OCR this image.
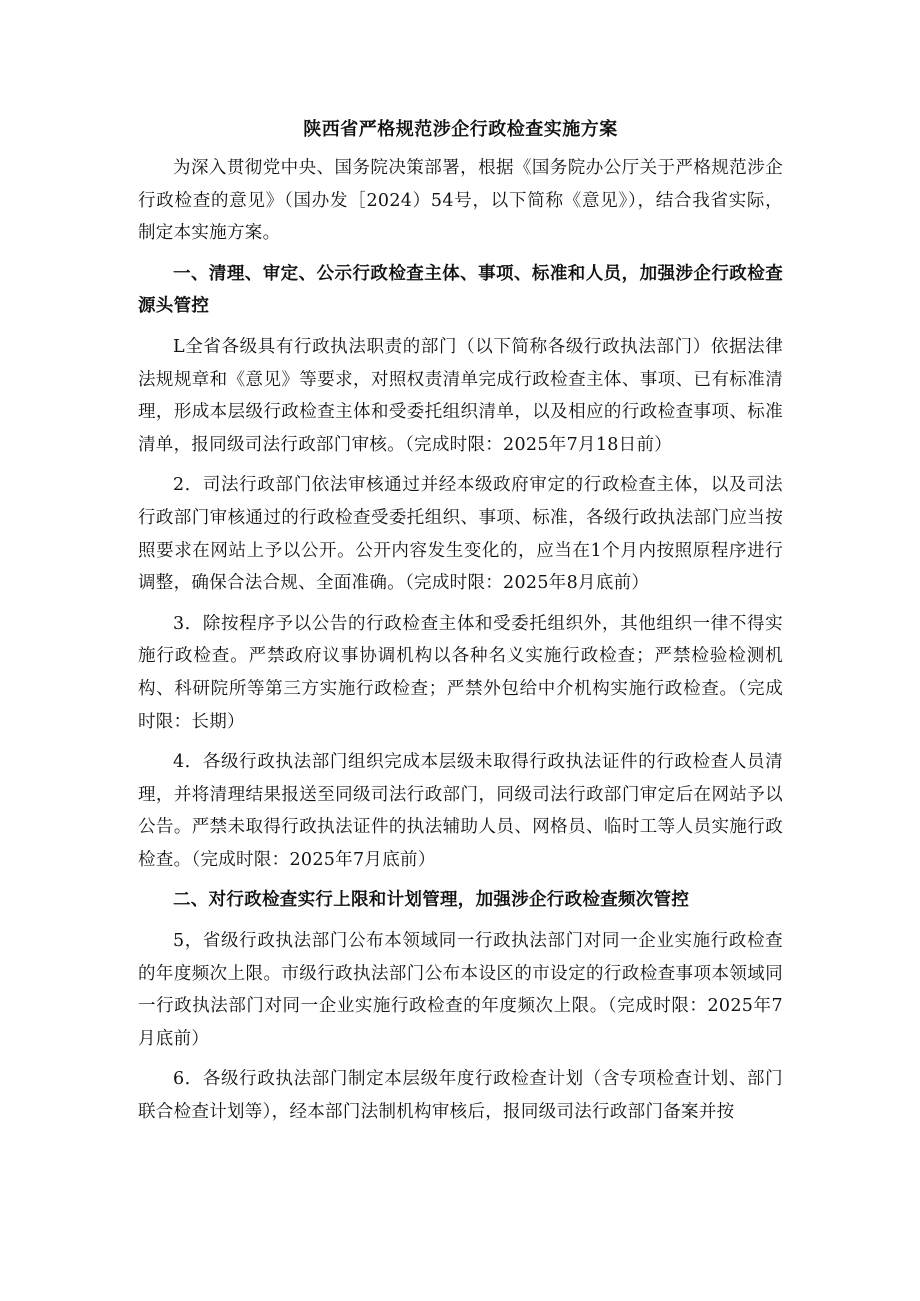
陕西省严格规范涉企行政检查实施方案

为深入贯彻党中央、国务院决策部署，根据《国务院办公厅关于严格规范涉企行政检查的意见》（国办发［2024）54号，以下简称《意见》），结合我省实际，制定本实施方案。

一、清理、审定、公示行政检查主体、事项、标准和人员，加强涉企行政检查源头管控

L全省各级具有行政执法职责的部门（以下简称各级行政执法部门）依据法律法规规章和《意见》等要求，对照权责清单完成行政检查主体、事项、已有标准清理，形成本层级行政检查主体和受委托组织清单，以及相应的行政检查事项、标准清单，报同级司法行政部门审核。（完成时限：2025年7月18日前）

2．司法行政部门依法审核通过并经本级政府审定的行政检查主体，以及司法行政部门审核通过的行政检查受委托组织、事项、标准，各级行政执法部门应当按照要求在网站上予以公开。公开内容发生变化的，应当在1个月内按照原程序进行调整，确保合法合规、全面准确。（完成时限：2025年8月底前）

3．除按程序予以公告的行政检查主体和受委托组织外，其他组织一律不得实施行政检查。严禁政府议事协调机构以各种名义实施行政检查；严禁检验检测机构、科研院所等第三方实施行政检查；严禁外包给中介机构实施行政检查。（完成时限：长期）

4．各级行政执法部门组织完成本层级未取得行政执法证件的行政检查人员清理，并将清理结果报送至同级司法行政部门，同级司法行政部门审定后在网站予以公告。严禁未取得行政执法证件的执法辅助人员、网格员、临时工等人员实施行政检查。（完成时限：2025年7月底前）

二、对行政检查实行上限和计划管理，加强涉企行政检查频次管控

5，省级行政执法部门公布本领域同一行政执法部门对同一企业实施行政检查的年度频次上限。市级行政执法部门公布本设区的市设定的行政检查事项本领域同一行政执法部门对同一企业实施行政检查的年度频次上限。（完成时限：2025年7月底前）

6．各级行政执法部门制定本层级年度行政检查计划（含专项检查计划、部门联合检查计划等），经本部门法制机构审核后，报同级司法行政部门备案并按
